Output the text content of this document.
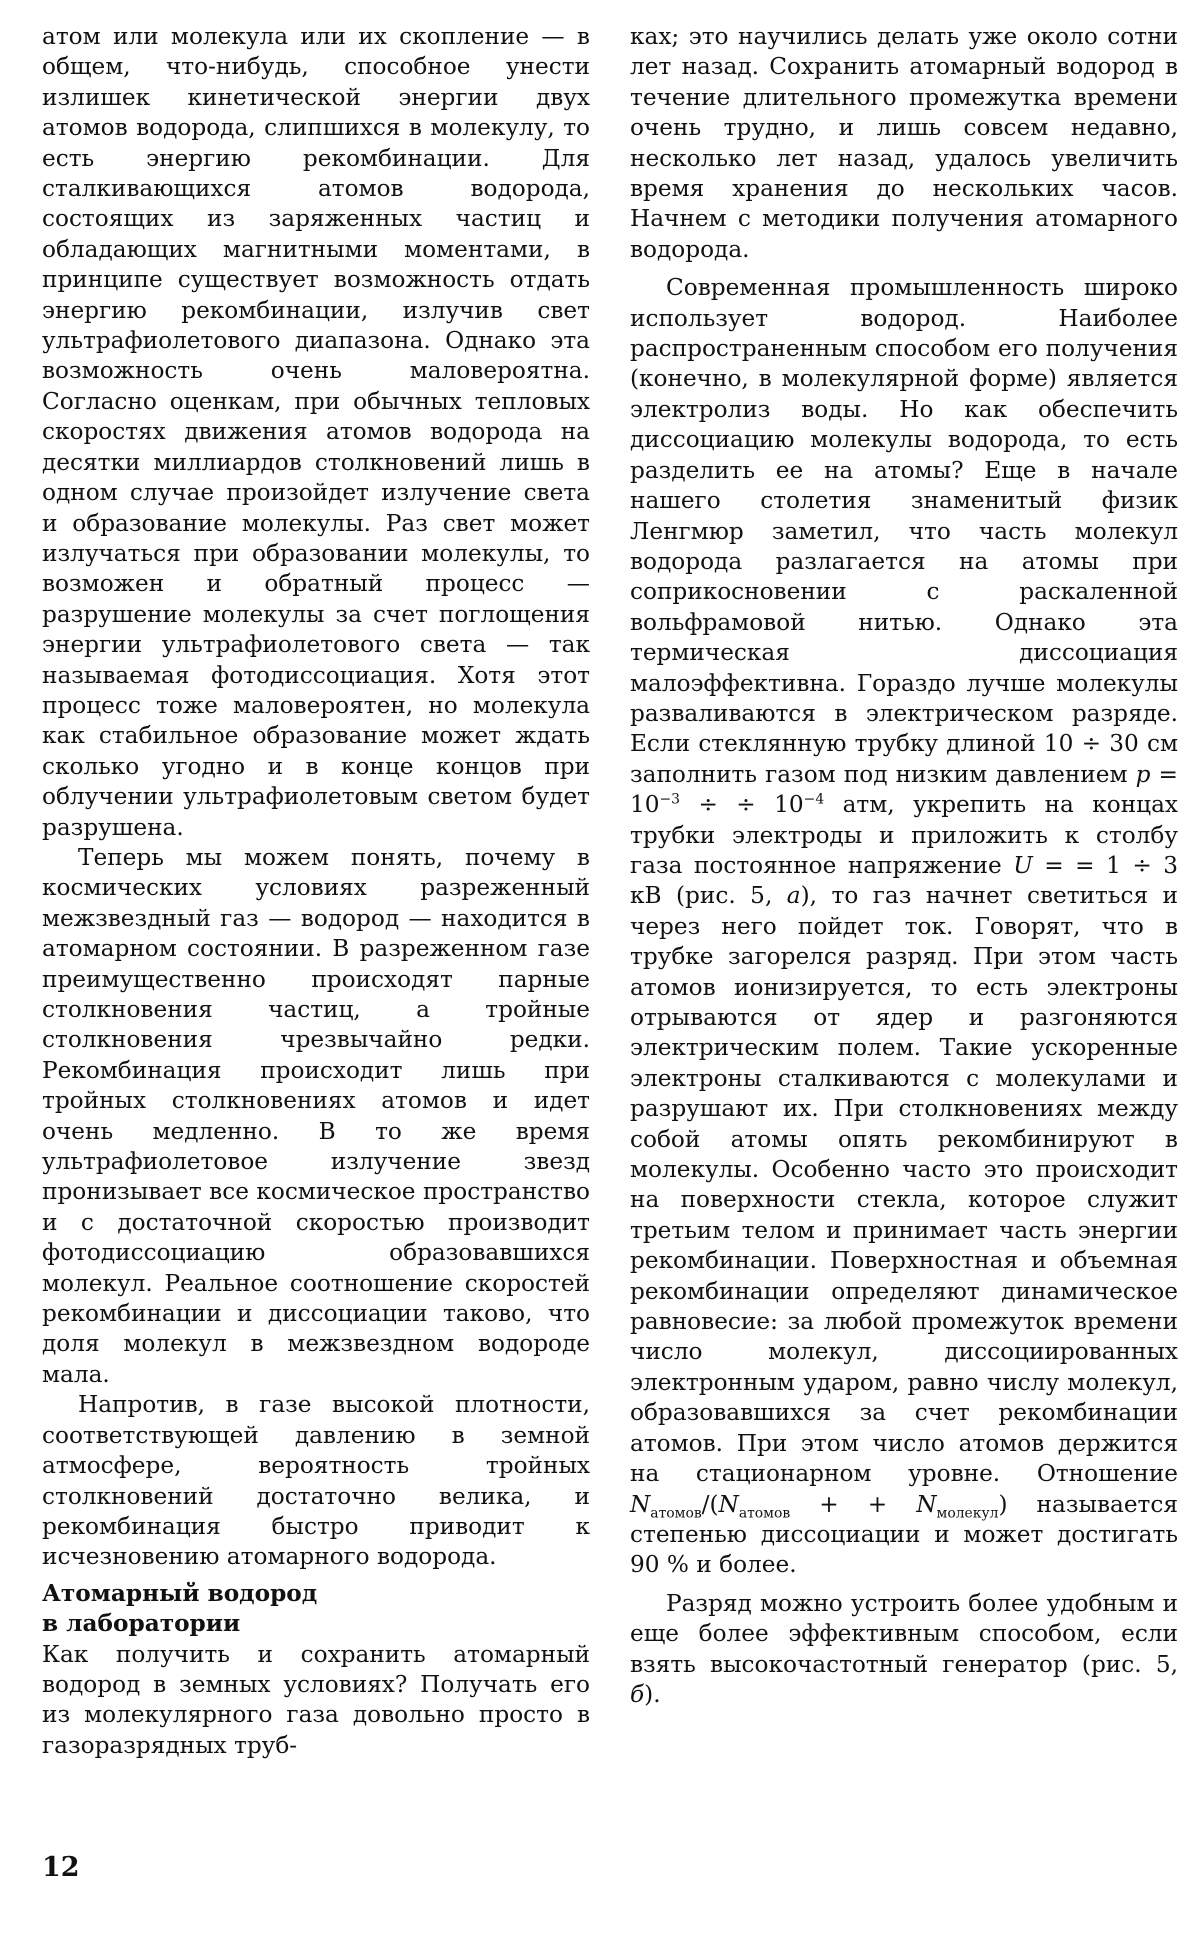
атом или молекула или их скопление — в общем, что-нибудь, способное унести излишек кинетической энергии двух атомов водорода, слипшихся в молекулу, то есть энергию рекомбинации. Для сталкивающихся атомов водорода, состоящих из заряженных частиц и обладающих магнитными моментами, в принципе существует возможность отдать энергию рекомбинации, излучив свет ультрафиолетового диапазона. Однако эта возможность очень маловероятна. Согласно оценкам, при обычных тепловых скоростях движения атомов водорода на десятки миллиардов столкновений лишь в одном случае произойдет излучение света и образование молекулы. Раз свет может излучаться при образовании молекулы, то возможен и обратный процесс — разрушение молекулы за счет поглощения энергии ультрафиолетового света — так называемая фотодиссоциация. Хотя этот процесс тоже маловероятен, но молекула как стабильное образование может ждать сколько угодно и в конце концов при облучении ультрафиолетовым светом будет разрушена.

Теперь мы можем понять, почему в космических условиях разреженный межзвездный газ — водород — находится в атомарном состоянии. В разреженном газе преимущественно происходят парные столкновения частиц, а тройные столкновения чрезвычайно редки. Рекомбинация происходит лишь при тройных столкновениях атомов и идет очень медленно. В то же время ультрафиолетовое излучение звезд пронизывает все космическое пространство и с достаточной скоростью производит фотодиссоциацию образовавшихся молекул. Реальное соотношение скоростей рекомбинации и диссоциации таково, что доля молекул в межзвездном водороде мала.

Напротив, в газе высокой плотности, соответствующей давлению в земной атмосфере, вероятность тройных столкновений достаточно велика, и рекомбинация быстро приводит к исчезновению атомарного водорода.

Атомарный водород
в лаборатории

Как получить и сохранить атомарный водород в земных условиях? Получать его из молекулярного газа довольно просто в газоразрядных труб-

ках; это научились делать уже около сотни лет назад. Сохранить атомарный водород в течение длительного промежутка времени очень трудно, и лишь совсем недавно, несколько лет назад, удалось увеличить время хранения до нескольких часов. Начнем с методики получения атомарного водорода.

Современная промышленность широко использует водород. Наиболее распространенным способом его получения (конечно, в молекулярной форме) является электролиз воды. Но как обеспечить диссоциацию молекулы водорода, то есть разделить ее на атомы? Еще в начале нашего столетия знаменитый физик Ленгмюр заметил, что часть молекул водорода разлагается на атомы при соприкосновении с раскаленной вольфрамовой нитью. Однако эта термическая диссоциация малоэффективна. Гораздо лучше молекулы разваливаются в электрическом разряде. Если стеклянную трубку длиной 10 ÷ 30 см заполнить газом под низким давлением $p = 10^{-3}$ ÷ ÷ $10^{-4}$ атм, укрепить на концах трубки электроды и приложить к столбу газа постоянное напряжение U = = 1 ÷ 3 кВ (рис. 5, а), то газ начнет светиться и через него пойдет ток. Говорят, что в трубке загорелся разряд. При этом часть атомов ионизируется, то есть электроны отрываются от ядер и разгоняются электрическим полем. Такие ускоренные электроны сталкиваются с молекулами и разрушают их. При столкновениях между собой атомы опять рекомбинируют в молекулы. Особенно часто это происходит на поверхности стекла, которое служит третьим телом и принимает часть энергии рекомбинации. Поверхностная и объемная рекомбинации определяют динамическое равновесие: за любой промежуток времени число молекул, диссоциированных электронным ударом, равно числу молекул, образовавшихся за счет рекомбинации атомов. При этом число атомов держится на стационарном уровне. Отношение $N_{атомов}/(N_{атомов}$ + + $N_{молекул}$) называется степенью диссоциации и может достигать 90 % и более.

Разряд можно устроить более удобным и еще более эффективным способом, если взять высокочастотный генератор (рис. 5, б).

12
